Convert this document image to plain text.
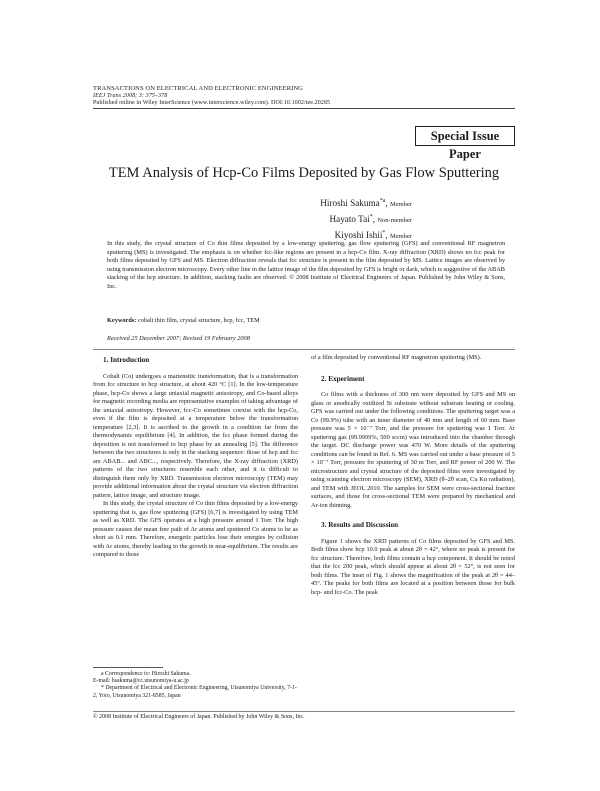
TRANSACTIONS ON ELECTRICAL AND ELECTRONIC ENGINEERING
IEEJ Trans 2008; 3: 375–378
Published online in Wiley InterScience (www.interscience.wiley.com). DOI:10.1002/tee.20285
Special Issue Paper
TEM Analysis of Hcp-Co Films Deposited by Gas Flow Sputtering
Hiroshi Sakuma$^{*a}$, Member
Hayato Tai*, Non-member
Kiyoshi Ishii*, Member
In this study, the crystal structure of Co thin films deposited by a low-energy sputtering, gas flow sputtering (GFS) and conventional RF magnetron sputtering (MS) is investigated. The emphasis is on whether fcc-like regions are present in a hcp-Co film. X-ray diffraction (XRD) shows no fcc peak for both films deposited by GFS and MS. Electron diffraction reveals that fcc structure is present in the film deposited by MS. Lattice images are observed by using transmission electron microscopy. Every other line in the lattice image of the film deposited by GFS is bright or dark, which is suggestive of the ABAB stacking of the hcp structure. In addition, stacking faults are observed. © 2008 Institute of Electrical Engineers of Japan. Published by John Wiley & Sons, Inc.
Keywords: cobalt thin film, crystal structure, hcp, fcc, TEM
Received 25 December 2007; Revised 19 February 2008
1. Introduction

Cobalt (Co) undergoes a martensitic transformation, that is a transformation from fcc structure to hcp structure, at about 420 °C [1]. In the low-temperature phase, hcp-Co shows a large uniaxial magnetic anisotropy, and Co-based alloys for magnetic recording media are representative examples of taking advantage of the uniaxial anisotropy. However, fcc-Co sometimes coexist with the hcp-Co, even if the film is deposited at a temperature below the transformation temperature [2,3]. It is ascribed to the growth in a condition far from the thermodynamic equilibrium [4]. In addition, the fcc phase formed during the deposition is not transformed to hcp phase by an annealing [5]. The difference between the two structures is only in the stacking sequence: those of hcp and fcc are ABAB... and ABC..., respectively. Therefore, the X-ray diffraction (XRD) patterns of the two structures resemble each other, and it is difficult to distinguish them only by XRD. Transmission electron microscopy (TEM) may provide additional information about the crystal structure via electron diffraction pattern, lattice image, and structure image.

In this study, the crystal structure of Co thin films deposited by a low-energy sputtering that is, gas flow sputtering (GFS) [6,7] is investigated by using TEM as well as XRD. The GFS operates at a high pressure around 1 Torr. The high pressure causes the mean free path of Ar atoms and sputtered Co atoms to be as short as 0.1 mm. Therefore, energetic particles lose their energies by collision with Ar atoms, thereby leading to the growth in near-equilibrium. The results are compared to those

a Correspondence to: Hiroshi Sakuma.
E-mail: hsakuma@cc.utsunomiya-u.ac.jp
* Department of Electrical and Electronic Engineering, Utsunomiya University, 7-1-2, Yoto, Utsunomiya 321-8585, Japan

of a film deposited by conventional RF magnetron sputtering (MS).

2. Experiment

Co films with a thickness of 300 nm were deposited by GFS and MS on glass or anodically oxidized Si substrate without substrate heating or cooling. GFS was carried out under the following conditions. The sputtering target was a Co (99.9%) tube with an inner diameter of 40 mm and length of 60 mm. Base pressure was 5 × 10⁻⁷ Torr, and the pressure for sputtering was 1 Torr. Ar sputtering gas (99.9999%, 500 sccm) was introduced into the chamber through the target. DC discharge power was 470 W. More details of the sputtering conditions can be found in Ref. 6. MS was carried out under a base pressure of 5 × 10⁻⁷ Torr, pressure for sputtering of 30 m Torr, and RF power of 200 W. The microstructure and crystal structure of the deposited films were investigated by using scanning electron microscopy (SEM), XRD (θ–2θ scan, Cu Kα radiation), and TEM with JEOL 2010. The samples for SEM were cross-sectional fracture surfaces, and those for cross-sectional TEM were prepared by mechanical and Ar-ion thinning.

3. Results and Discussion

Figure 1 shows the XRD patterns of Co films deposited by GFS and MS. Both films show hcp 10.0 peak at about 2θ = 42°, where no peak is present for fcc structure. Therefore, both films contain a hcp component. It should be noted that the fcc 200 peak, which should appear at about 2θ = 52°, is not seen for both films. The inset of Fig. 1 shows the magnification of the peak at 2θ = 44–45°. The peaks for both films are located at a position between those for bulk hcp- and fcc-Co. The peak

© 2008 Institute of Electrical Engineers of Japan. Published by John Wiley & Sons, Inc.
